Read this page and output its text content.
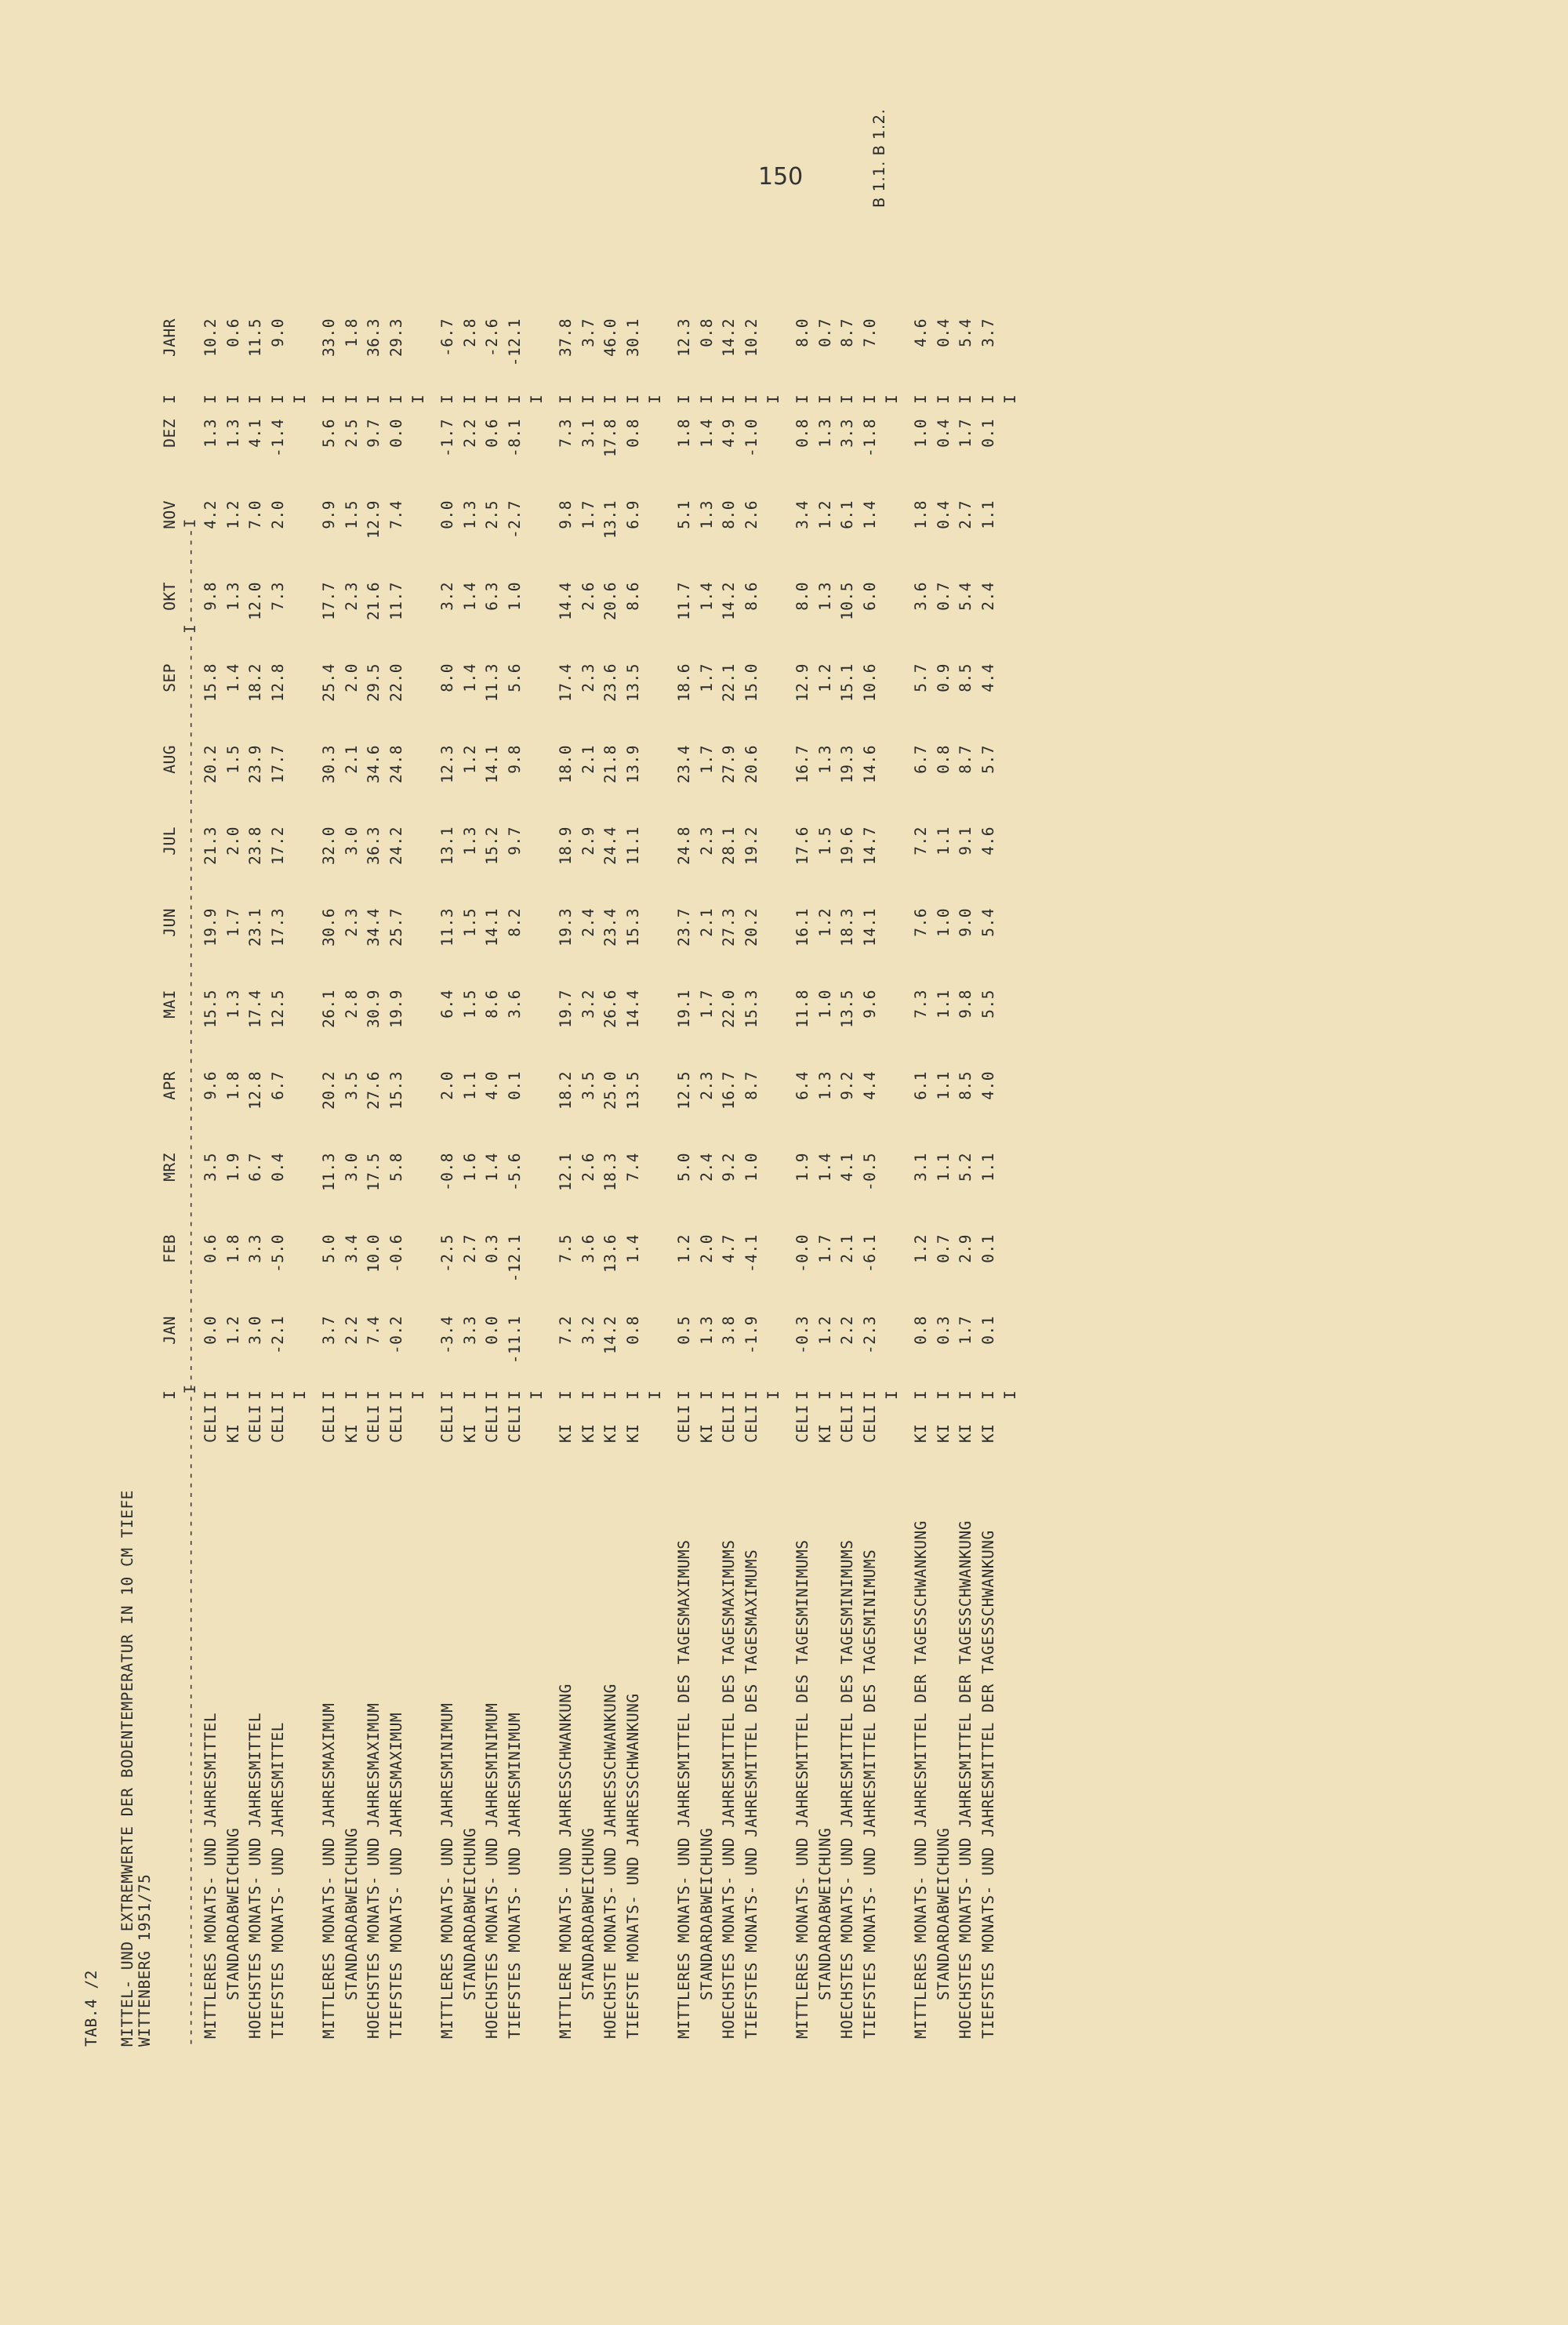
150	B 1.1. B 1.2.
TAB.4 /2 MITTEL- UND EXTREMWERTE DER BODENTEMPERATUR IN 10 CM TIEFE WITTENBERG 1951/75
I
JAN
FEB
MRZ
APR
MAI
JUN
JUL
AUG
SEP
OKT
NOV
DEZ
JAHR
I
--------------------------------------------------------------------I
-------------------------------------------------------------------------------I----------I
MITTLERES MONATS- UND JAHRESMITTEL
CELI
I
0.0
0.6
3.5
9.6
15.5
19.9
21.3
20.2
15.8
9.8
4.2
1.3
10.2
I
STANDARDABWEICHUNG
KI
I
1.2
1.8
1.9
1.8
1.3
1.7
2.0
1.5
1.4
1.3
1.2
1.3
0.6
I
HOECHSTES MONATS- UND JAHRESMITTEL
CELI
I
3.0
3.3
6.7
12.8
17.4
23.1
23.8
23.9
18.2
12.0
7.0
4.1
11.5
I
TIEFSTES MONATS- UND JAHRESMITTEL
CELI
I
-2.1
-5.0
0.4
6.7
12.5
17.3
17.2
17.7
12.8
7.3
2.0
-1.4
9.0
I
I
I
MITTLERES MONATS- UND JAHRESMAXIMUM
CELI
I
3.7
5.0
11.3
20.2
26.1
30.6
32.0
30.3
25.4
17.7
9.9
5.6
33.0
I
STANDARDABWEICHUNG
KI
I
2.2
3.4
3.0
3.5
2.8
2.3
3.0
2.1
2.0
2.3
1.5
2.5
1.8
I
HOECHSTES MONATS- UND JAHRESMAXIMUM
CELI
I
7.4
10.0
17.5
27.6
30.9
34.4
36.3
34.6
29.5
21.6
12.9
9.7
36.3
I
TIEFSTES MONATS- UND JAHRESMAXIMUM
CELI
I
-0.2
-0.6
5.8
15.3
19.9
25.7
24.2
24.8
22.0
11.7
7.4
0.0
29.3
I
I
I
MITTLERES MONATS- UND JAHRESMINIMUM
CELI
I
-3.4
-2.5
-0.8
2.0
6.4
11.3
13.1
12.3
8.0
3.2
0.0
-1.7
-6.7
I
STANDARDABWEICHUNG
KI
I
3.3
2.7
1.6
1.1
1.5
1.5
1.3
1.2
1.4
1.4
1.3
2.2
2.8
I
HOECHSTES MONATS- UND JAHRESMINIMUM
CELI
I
0.0
0.3
1.4
4.0
8.6
14.1
15.2
14.1
11.3
6.3
2.5
0.6
-2.6
I
TIEFSTES MONATS- UND JAHRESMINIMUM
CELI
I
-11.1
-12.1
-5.6
0.1
3.6
8.2
9.7
9.8
5.6
1.0
-2.7
-8.1
-12.1
I
I
I
MITTLERE MONATS- UND JAHRESSCHWANKUNG
KI
I
7.2
7.5
12.1
18.2
19.7
19.3
18.9
18.0
17.4
14.4
9.8
7.3
37.8
I
STANDARDABWEICHUNG
KI
I
3.2
3.6
2.6
3.5
3.2
2.4
2.9
2.1
2.3
2.6
1.7
3.1
3.7
I
HOECHSTE MONATS- UND JAHRESSCHWANKUNG
KI
I
14.2
13.6
18.3
25.0
26.6
23.4
24.4
21.8
23.6
20.6
13.1
17.8
46.0
I
TIEFSTE MONATS- UND JAHRESSCHWANKUNG
KI
I
0.8
1.4
7.4
13.5
14.4
15.3
11.1
13.9
13.5
8.6
6.9
0.8
30.1
I
I
I
MITTLERES MONATS- UND JAHRESMITTEL DES TAGESMAXIMUMS
CELI
I
0.5
1.2
5.0
12.5
19.1
23.7
24.8
23.4
18.6
11.7
5.1
1.8
12.3
I
STANDARDABWEICHUNG
KI
I
1.3
2.0
2.4
2.3
1.7
2.1
2.3
1.7
1.7
1.4
1.3
1.4
0.8
I
HOECHSTES MONATS- UND JAHRESMITTEL DES TAGESMAXIMUMS
CELI
I
3.8
4.7
9.2
16.7
22.0
27.3
28.1
27.9
22.1
14.2
8.0
4.9
14.2
I
TIEFSTES MONATS- UND JAHRESMITTEL DES TAGESMAXIMUMS
CELI
I
-1.9
-4.1
1.0
8.7
15.3
20.2
19.2
20.6
15.0
8.6
2.6
-1.0
10.2
I
I
I
MITTLERES MONATS- UND JAHRESMITTEL DES TAGESMINIMUMS
CELI
I
-0.3
-0.0
1.9
6.4
11.8
16.1
17.6
16.7
12.9
8.0
3.4
0.8
8.0
I
STANDARDABWEICHUNG
KI
I
1.2
1.7
1.4
1.3
1.0
1.2
1.5
1.3
1.2
1.3
1.2
1.3
0.7
I
HOECHSTES MONATS- UND JAHRESMITTEL DES TAGESMINIMUMS
CELI
I
2.2
2.1
4.1
9.2
13.5
18.3
19.6
19.3
15.1
10.5
6.1
3.3
8.7
I
TIEFSTES MONATS- UND JAHRESMITTEL DES TAGESMINIMUMS
CELI
I
-2.3
-6.1
-0.5
4.4
9.6
14.1
14.7
14.6
10.6
6.0
1.4
-1.8
7.0
I
I
I
MITTLERES MONATS- UND JAHRESMITTEL DER TAGESSCHWANKUNG
KI
I
0.8
1.2
3.1
6.1
7.3
7.6
7.2
6.7
5.7
3.6
1.8
1.0
4.6
I
STANDARDABWEICHUNG
KI
I
0.3
0.7
1.1
1.1
1.1
1.0
1.1
0.8
0.9
0.7
0.4
0.4
0.4
I
HOECHSTES MONATS- UND JAHRESMITTEL DER TAGESSCHWANKUNG
KI
I
1.7
2.9
5.2
8.5
9.8
9.0
9.1
8.7
8.5
5.4
2.7
1.7
5.4
I
TIEFSTES MONATS- UND JAHRESMITTEL DER TAGESSCHWANKUNG
KI
I
0.1
0.1
1.1
4.0
5.5
5.4
4.6
5.7
4.4
2.4
1.1
0.1
3.7
I
I
I
